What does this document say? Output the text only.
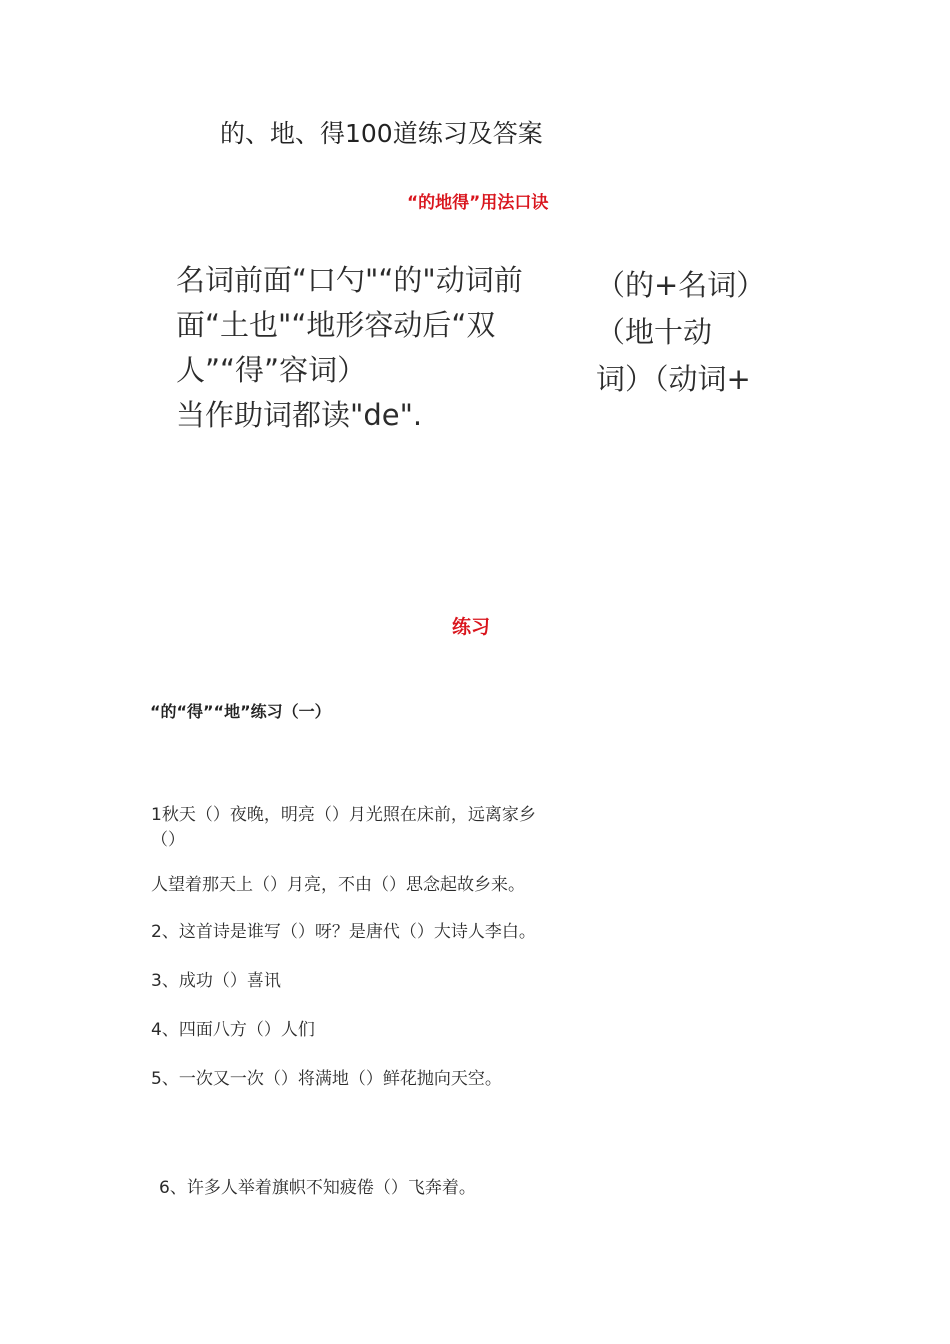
的、地、得100道练习及答案
“的地得”用法口诀
名词前面“口勺"“的"动词前
面“土也"“地形容动后“双
人”“得”容词）
当作助词都读"de".
（的+名词）
（地十动
词）（动词+
练习
“的“得”“地”练习（一）
1秋天（）夜晚，明亮（）月光照在床前，远离家乡
（）
人望着那天上（）月亮，不由（）思念起故乡来。
2、这首诗是谁写（）呀？是唐代（）大诗人李白。
3、成功（）喜讯
4、四面八方（）人们
5、一次又一次（）将满地（）鲜花抛向天空。
6、许多人举着旗帜不知疲倦（）飞奔着。
